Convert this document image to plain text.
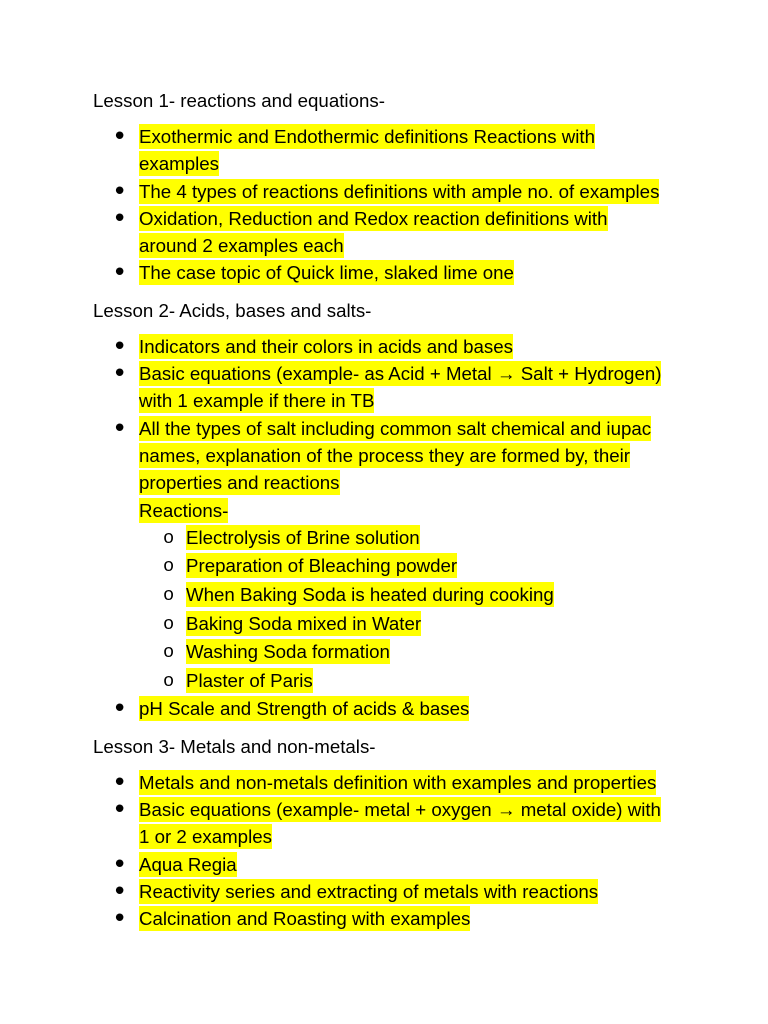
Lesson 1- reactions and equations-

• Exothermic and Endothermic definitions Reactions with
examples
• The 4 types of reactions definitions with ample no. of examples
• Oxidation, Reduction and Redox reaction definitions with
around 2 examples each
• The case topic of Quick lime, slaked lime one

Lesson 2- Acids, bases and salts-

• Indicators and their colors in acids and bases
• Basic equations (example- as Acid + Metal → Salt + Hydrogen)
with 1 example if there in TB
• All the types of salt including common salt chemical and iupac
names, explanation of the process they are formed by, their
properties and reactions
Reactions-
o Electrolysis of Brine solution
o Preparation of Bleaching powder
o When Baking Soda is heated during cooking
o Baking Soda mixed in Water
o Washing Soda formation
o Plaster of Paris
• pH Scale and Strength of acids & bases

Lesson 3- Metals and non-metals-

• Metals and non-metals definition with examples and properties
• Basic equations (example- metal + oxygen → metal oxide) with
1 or 2 examples
• Aqua Regia
• Reactivity series and extracting of metals with reactions
• Calcination and Roasting with examples
